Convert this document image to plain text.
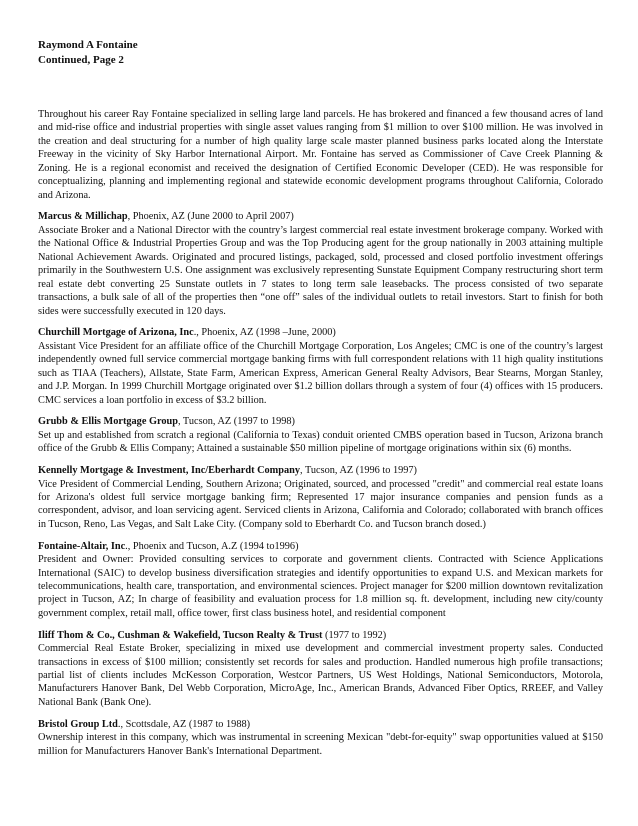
Raymond A Fontaine
Continued, Page 2

Throughout his career Ray Fontaine specialized in selling large land parcels. He has brokered and financed a few thousand acres of land and mid-rise office and industrial properties with single asset values ranging from $1 million to over $100 million. He was involved in the creation and deal structuring for a number of high quality large scale master planned business parks located along the Interstate Freeway in the vicinity of Sky Harbor International Airport. Mr. Fontaine has served as Commissioner of Cave Creek Planning & Zoning. He is a regional economist and received the designation of Certified Economic Developer (CED). He was responsible for conceptualizing, planning and implementing regional and statewide economic development programs throughout California, Colorado and Arizona.

Marcus & Millichap, Phoenix, AZ (June 2000 to April 2007)

Associate Broker and a National Director with the country’s largest commercial real estate investment brokerage company. Worked with the National Office & Industrial Properties Group and was the Top Producing agent for the group nationally in 2003 attaining multiple National Achievement Awards. Originated and procured listings, packaged, sold, processed and closed portfolio investment offerings primarily in the Southwestern U.S. One assignment was exclusively representing Sunstate Equipment Company restructuring short term real estate debt converting 25 Sunstate outlets in 7 states to long term sale leasebacks. The process consisted of two separate transactions, a bulk sale of all of the properties then “one off” sales of the individual outlets to retail investors. Start to finish for both sides were successfully executed in 120 days.

Churchill Mortgage of Arizona, Inc., Phoenix, AZ (1998 –June, 2000)

Assistant Vice President for an affiliate office of the Churchill Mortgage Corporation, Los Angeles; CMC is one of the country’s largest independently owned full service commercial mortgage banking firms with full correspondent relations with 11 high quality institutions such as TIAA (Teachers), Allstate, State Farm, American Express, American General Realty Advisors, Bear Stearns, Morgan Stanley, and J.P. Morgan. In 1999 Churchill Mortgage originated over $1.2 billion dollars through a system of four (4) offices with 15 producers. CMC services a loan portfolio in excess of $3.2 billion.

Grubb & Ellis Mortgage Group, Tucson, AZ (1997 to 1998)

Set up and established from scratch a regional (California to Texas) conduit oriented CMBS operation based in Tucson, Arizona branch office of the Grubb & Ellis Company; Attained a sustainable $50 million pipeline of mortgage originations within six (6) months.

Kennelly Mortgage & Investment, Inc/Eberhardt Company, Tucson, AZ (1996 to 1997)

Vice President of Commercial Lending, Southern Arizona; Originated, sourced, and processed "credit" and commercial real estate loans for Arizona's oldest full service mortgage banking firm; Represented 17 major insurance companies and pension funds as a correspondent, advisor, and loan servicing agent. Serviced clients in Arizona, California and Colorado; collaborated with branch offices in Tucson, Reno, Las Vegas, and Salt Lake City. (Company sold to Eberhardt Co. and Tucson branch dosed.)

Fontaine-Altair, Inc., Phoenix and Tucson, A.Z (1994 to1996)

President and Owner: Provided consulting services to corporate and government clients. Contracted with Science Applications International (SAIC) to develop business diversification strategies and identify opportunities to expand U.S. and Mexican markets for telecommunications, health care, transportation, and environmental sciences. Project manager for $200 million downtown revitalization project in Tucson, AZ; In charge of feasibility and evaluation process for 1.8 million sq. ft. development, including new city/county government complex, retail mall, office tower, first class business hotel, and residential component

Iliff Thom & Co., Cushman & Wakefield, Tucson Realty & Trust (1977 to 1992)

Commercial Real Estate Broker, specializing in mixed use development and commercial investment property sales. Conducted transactions in excess of $100 million; consistently set records for sales and production. Handled numerous high profile transactions; partial list of clients includes McKesson Corporation, Westcor Partners, US West Holdings, National Semiconductors, Motorola, Manufacturers Hanover Bank, Del Webb Corporation, MicroAge, Inc., American Brands, Advanced Fiber Optics, RREEF, and Valley National Bank (Bank One).

Bristol Group Ltd., Scottsdale, AZ (1987 to 1988)

Ownership interest in this company, which was instrumental in screening Mexican "debt-for-equity" swap opportunities valued at $150 million for Manufacturers Hanover Bank's International Department.
